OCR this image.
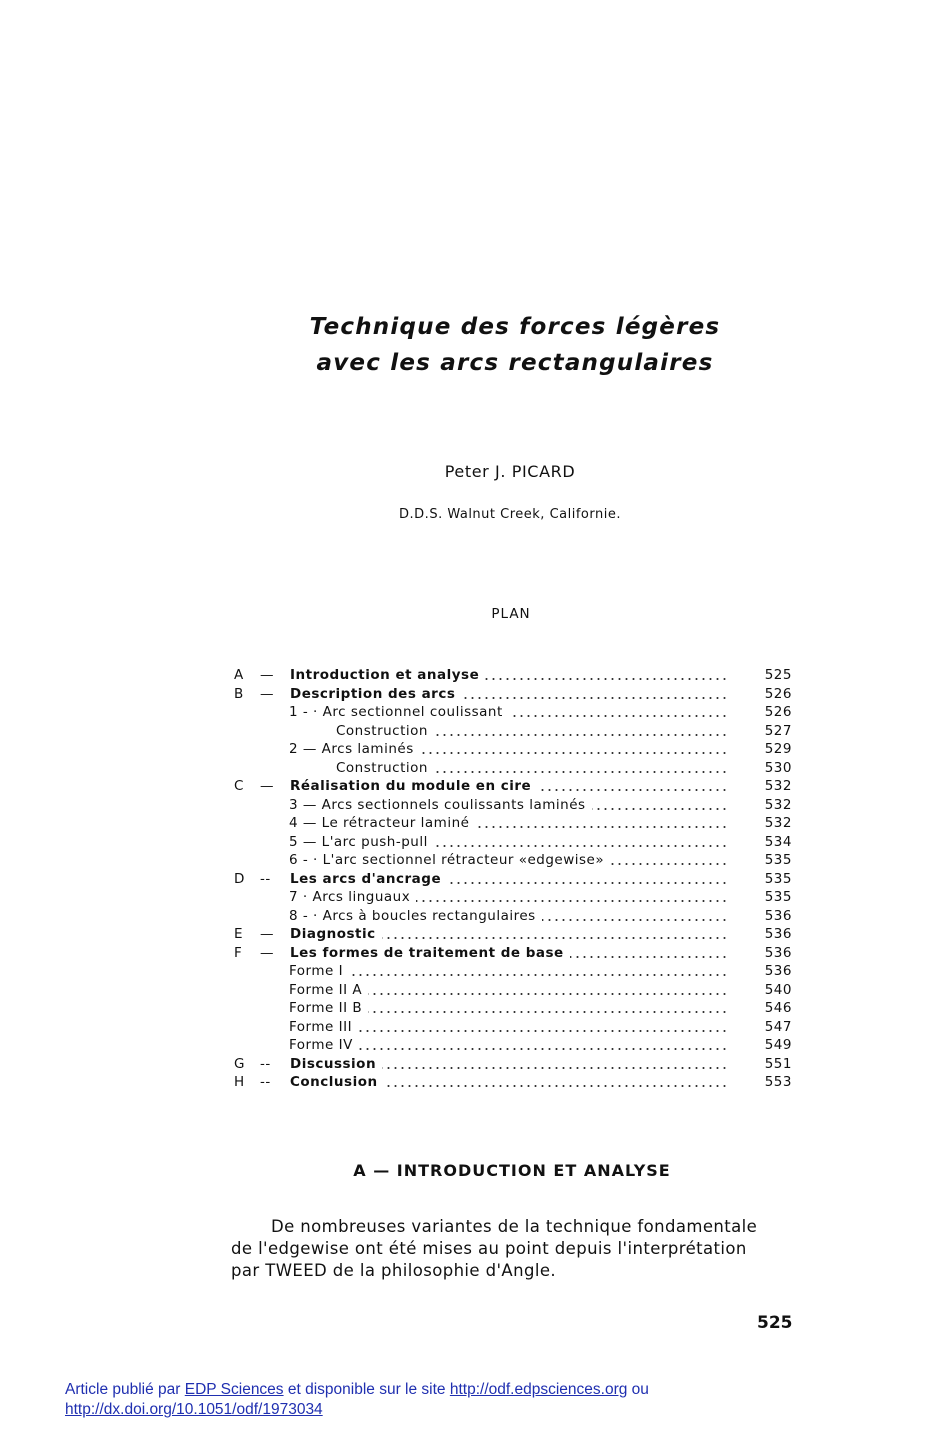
Technique des forces légères
avec les arcs rectangulaires
Peter J. PICARD
D.D.S. Walnut Creek, Californie.
PLAN
A — Introduction et analyse	525
B — Description des arcs	526
1 - · Arc sectionnel coulissant	526
Construction	527
2 — Arcs laminés	529
Construction	530
C — Réalisation du module en cire	532
3 — Arcs sectionnels coulissants laminés	532
4 — Le rétracteur laminé	532
5 — L'arc push-pull	534
6 - · L'arc sectionnel rétracteur «edgewise»	535
D -- Les arcs d'ancrage	535
7 · Arcs linguaux	535
8 - · Arcs à boucles rectangulaires	536
E — Diagnostic	536
F — Les formes de traitement de base	536
Forme I	536
Forme II A	540
Forme II B	546
Forme III	547
Forme IV	549
G -- Discussion	551
H -- Conclusion	553
A — INTRODUCTION ET ANALYSE
De nombreuses variantes de la technique fondamentale
de l'edgewise ont été mises au point depuis l'interprétation
par TWEED de la philosophie d'Angle.
525
Article publié par EDP Sciences et disponible sur le site http://odf.edpsciences.org ou
http://dx.doi.org/10.1051/odf/1973034
